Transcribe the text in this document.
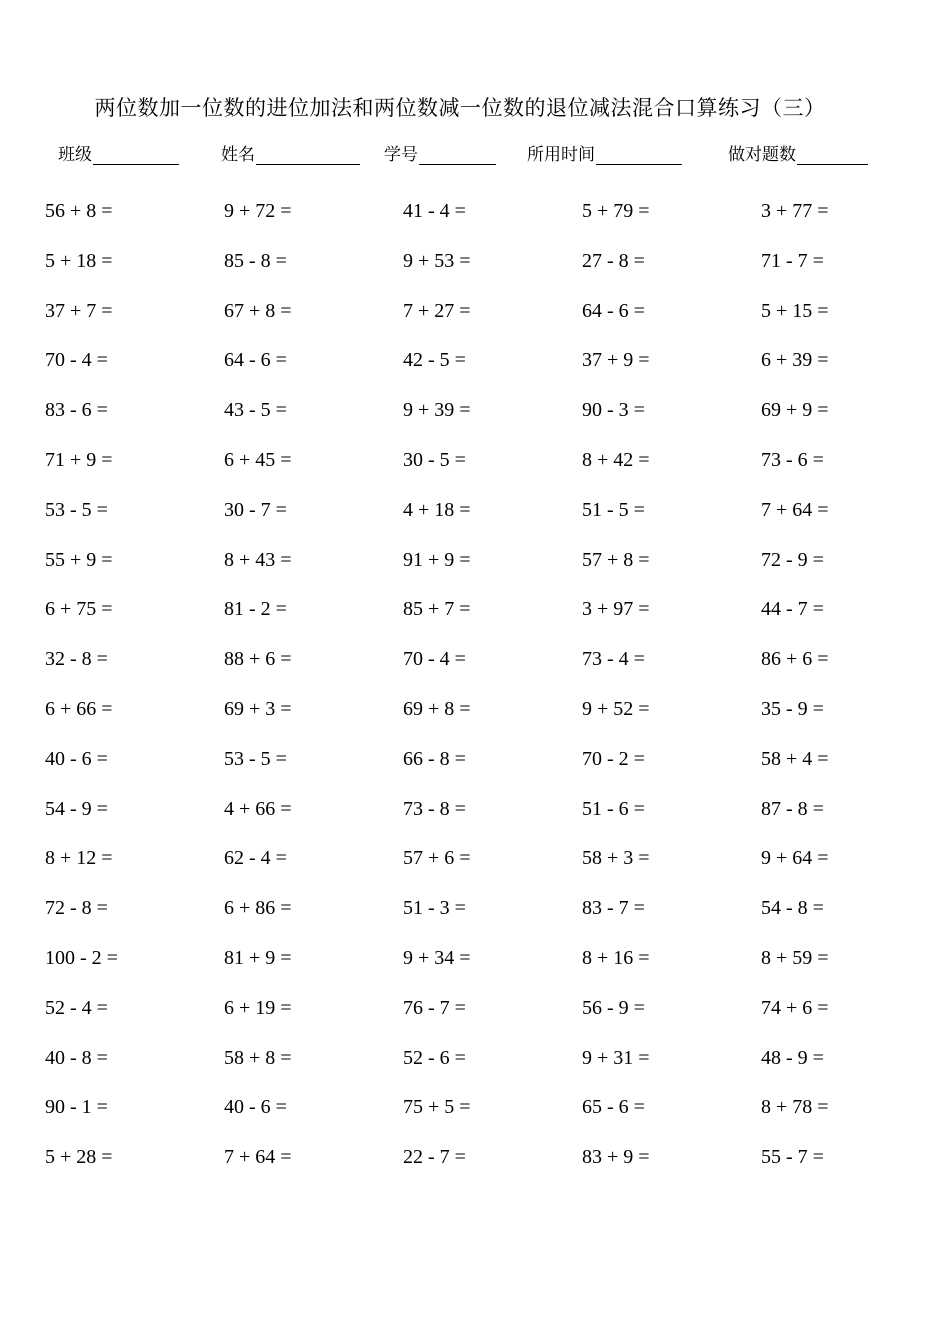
两位数加一位数的进位加法和两位数减一位数的退位减法混合口算练习（三）
班级	姓名	学号	所用时间	做对题数
56 + 8 =	9 + 72 =	41 - 4 =	5 + 79 =	3 + 77 =
5 + 18 =	85 - 8 =	9 + 53 =	27 - 8 =	71 - 7 =
37 + 7 =	67 + 8 =	7 + 27 =	64 - 6 =	5 + 15 =
70 - 4 =	64 - 6 =	42 - 5 =	37 + 9 =	6 + 39 =
83 - 6 =	43 - 5 =	9 + 39 =	90 - 3 =	69 + 9 =
71 + 9 =	6 + 45 =	30 - 5 =	8 + 42 =	73 - 6 =
53 - 5 =	30 - 7 =	4 + 18 =	51 - 5 =	7 + 64 =
55 + 9 =	8 + 43 =	91 + 9 =	57 + 8 =	72 - 9 =
6 + 75 =	81 - 2 =	85 + 7 =	3 + 97 =	44 - 7 =
32 - 8 =	88 + 6 =	70 - 4 =	73 - 4 =	86 + 6 =
6 + 66 =	69 + 3 =	69 + 8 =	9 + 52 =	35 - 9 =
40 - 6 =	53 - 5 =	66 - 8 =	70 - 2 =	58 + 4 =
54 - 9 =	4 + 66 =	73 - 8 =	51 - 6 =	87 - 8 =
8 + 12 =	62 - 4 =	57 + 6 =	58 + 3 =	9 + 64 =
72 - 8 =	6 + 86 =	51 - 3 =	83 - 7 =	54 - 8 =
100 - 2 =	81 + 9 =	9 + 34 =	8 + 16 =	8 + 59 =
52 - 4 =	6 + 19 =	76 - 7 =	56 - 9 =	74 + 6 =
40 - 8 =	58 + 8 =	52 - 6 =	9 + 31 =	48 - 9 =
90 - 1 =	40 - 6 =	75 + 5 =	65 - 6 =	8 + 78 =
5 + 28 =	7 + 64 =	22 - 7 =	83 + 9 =	55 - 7 =
